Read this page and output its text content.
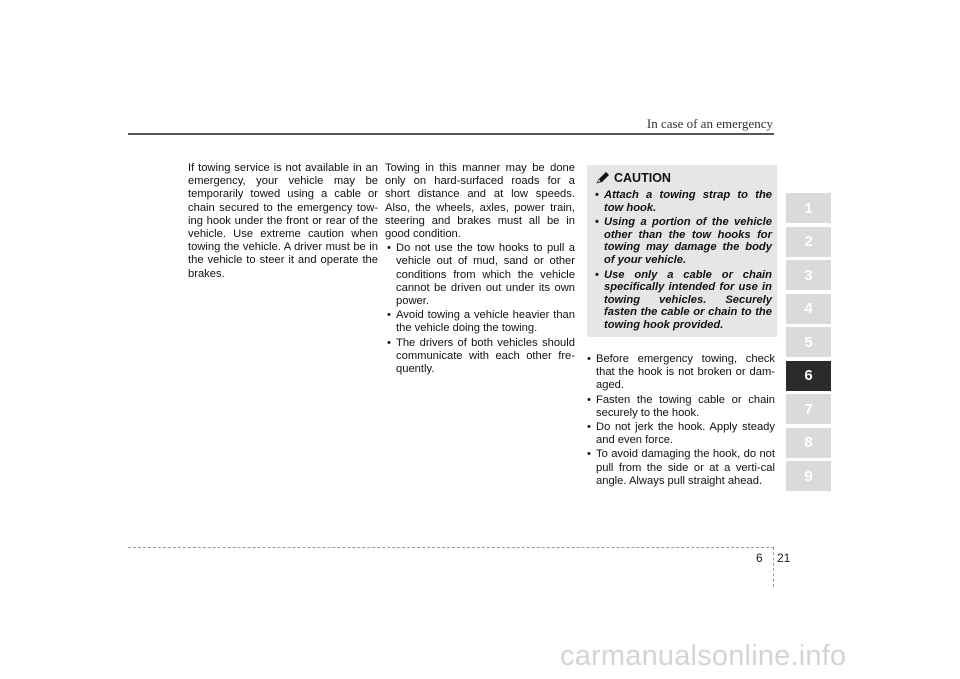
In case of an emergency

If towing service is not available in an emergency, your vehicle may be temporarily towed using a cable or chain secured to the emergency tow-ing hook under the front or rear of the vehicle. Use extreme caution when towing the vehicle. A driver must be in the vehicle to steer it and operate the brakes.

Towing in this manner may be done only on hard-surfaced roads for a short distance and at low speeds. Also, the wheels, axles, power train, steering and brakes must all be in good condition.

• Do not use the tow hooks to pull a vehicle out of mud, sand or other conditions from which the vehicle cannot be driven out under its own power.
• Avoid towing a vehicle heavier than the vehicle doing the towing.
• The drivers of both vehicles should communicate with each other fre-quently.
CAUTION
• Attach a towing strap to the tow hook.
• Using a portion of the vehicle other than the tow hooks for towing may damage the body of your vehicle.
• Use only a cable or chain specifically intended for use in towing vehicles. Securely fasten the cable or chain to the towing hook provided.
• Before emergency towing, check that the hook is not broken or dam-aged.
• Fasten the towing cable or chain securely to the hook.
• Do not jerk the hook. Apply steady and even force.
• To avoid damaging the hook, do not pull from the side or at a verti-cal angle. Always pull straight ahead.
1
2
3
4
5
6
7
8
9
6 21
carmanualsonline.info
